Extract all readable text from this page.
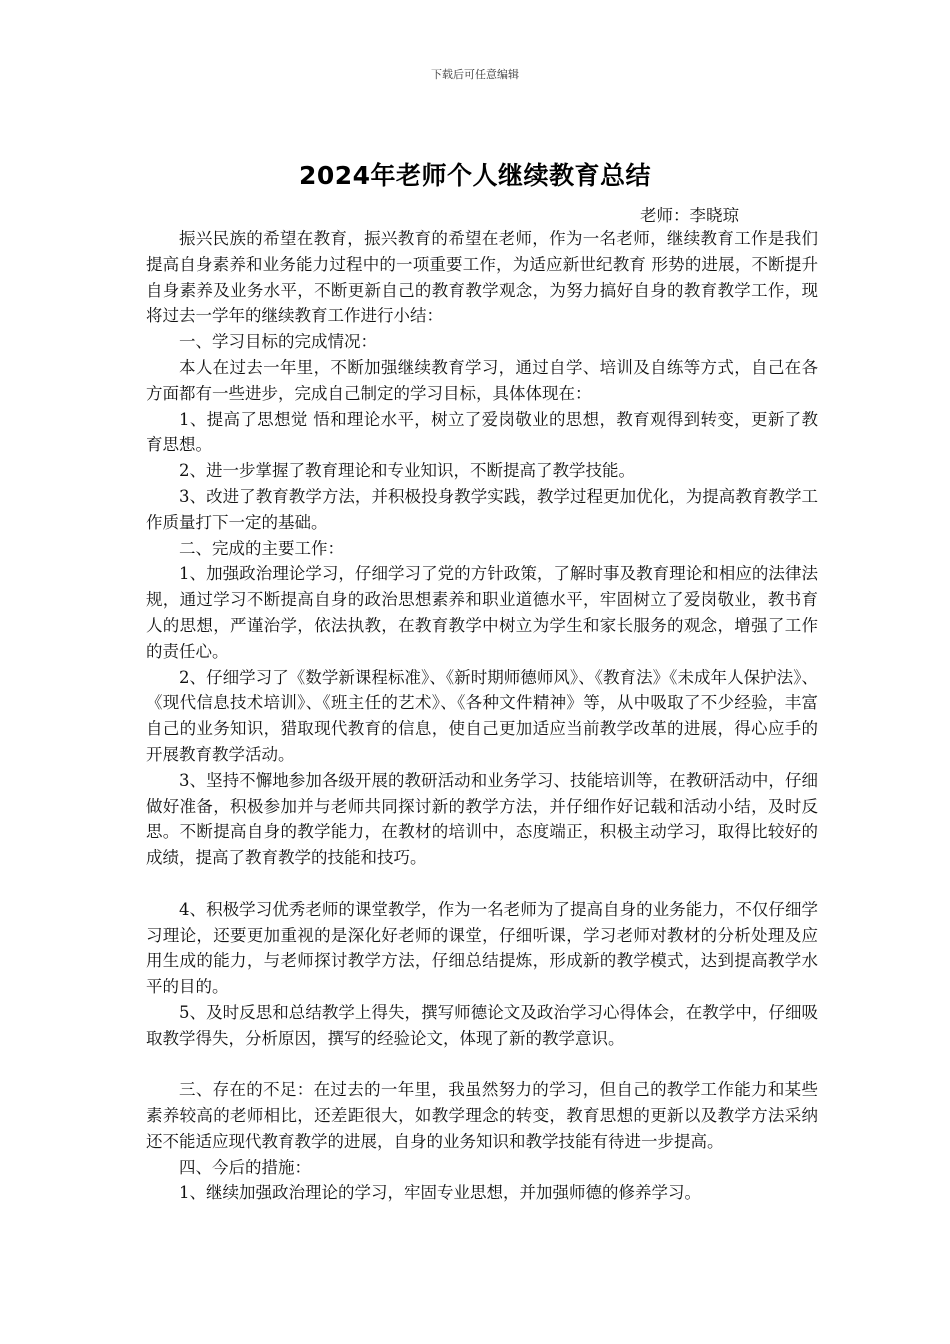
下载后可任意编辑
2024年老师个人继续教育总结
老师：李晓琼

振兴民族的希望在教育，振兴教育的希望在老师，作为一名老师，继续教育工作是我们提高自身素养和业务能力过程中的一项重要工作，为适应新世纪教育 形势的进展，不断提升自身素养及业务水平，不断更新自己的教育教学观念，为努力搞好自身的教育教学工作，现将过去一学年的继续教育工作进行小结：

一、学习目标的完成情况：

本人在过去一年里，不断加强继续教育学习，通过自学、培训及自练等方式，自己在各方面都有一些进步，完成自己制定的学习目标，具体体现在：

1、提高了思想觉 悟和理论水平，树立了爱岗敬业的思想，教育观得到转变，更新了教育思想。

2、进一步掌握了教育理论和专业知识，不断提高了教学技能。

3、改进了教育教学方法，并积极投身教学实践，教学过程更加优化，为提高教育教学工作质量打下一定的基础。

二、完成的主要工作：

1、加强政治理论学习，仔细学习了党的方针政策，了解时事及教育理论和相应的法律法规，通过学习不断提高自身的政治思想素养和职业道德水平，牢固树立了爱岗敬业，教书育人的思想，严谨治学，依法执教，在教育教学中树立为学生和家长服务的观念，增强了工作的责任心。

2、仔细学习了《数学新课程标准》、《新时期师德师风》、《教育法》《未成年人保护法》、《现代信息技术培训》、《班主任的艺术》、《各种文件精神》等，从中吸取了不少经验，丰富自己的业务知识，猎取现代教育的信息，使自己更加适应当前教学改革的进展，得心应手的开展教育教学活动。

3、坚持不懈地参加各级开展的教研活动和业务学习、技能培训等，在教研活动中，仔细做好准备，积极参加并与老师共同探讨新的教学方法，并仔细作好记载和活动小结，及时反思。不断提高自身的教学能力，在教材的培训中，态度端正，积极主动学习，取得比较好的成绩，提高了教育教学的技能和技巧。

4、积极学习优秀老师的课堂教学，作为一名老师为了提高自身的业务能力，不仅仔细学习理论，还要更加重视的是深化好老师的课堂，仔细听课，学习老师对教材的分析处理及应用生成的能力，与老师探讨教学方法，仔细总结提炼，形成新的教学模式，达到提高教学水平的目的。

5、及时反思和总结教学上得失，撰写师德论文及政治学习心得体会，在教学中，仔细吸取教学得失，分析原因，撰写的经验论文，体现了新的教学意识。

三、存在的不足：在过去的一年里，我虽然努力的学习，但自己的教学工作能力和某些素养较高的老师相比，还差距很大，如教学理念的转变，教育思想的更新以及教学方法采纳还不能适应现代教育教学的进展，自身的业务知识和教学技能有待进一步提高。

四、今后的措施：

1、继续加强政治理论的学习，牢固专业思想，并加强师德的修养学习。
